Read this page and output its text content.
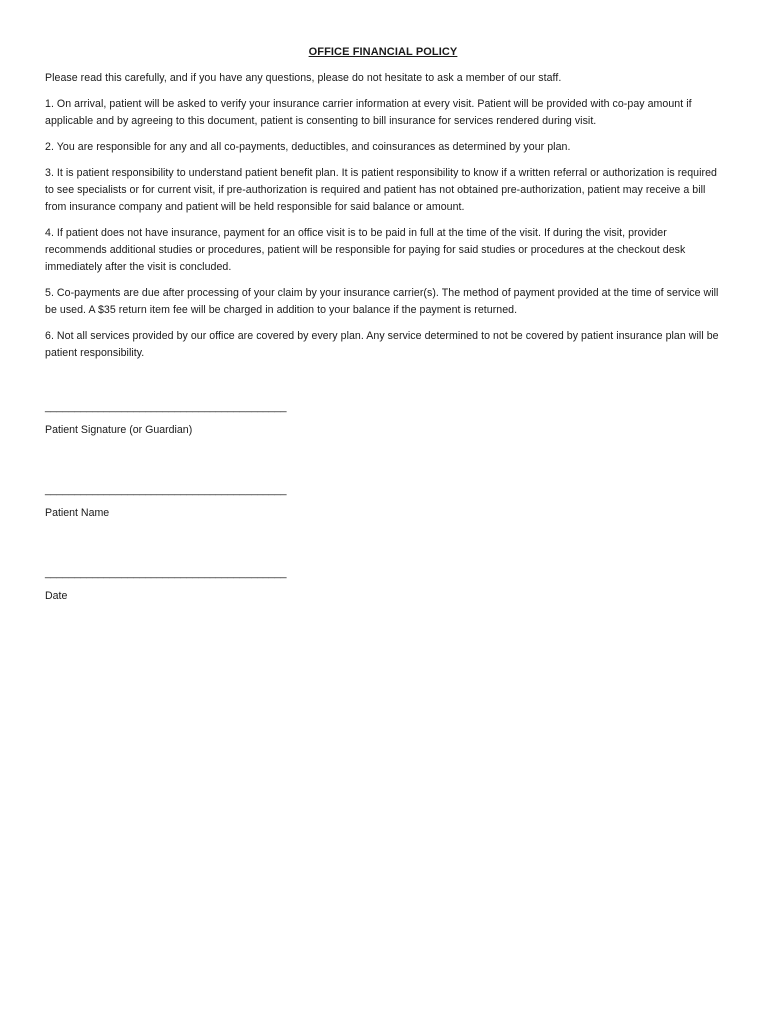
OFFICE FINANCIAL POLICY

Please read this carefully, and if you have any questions, please do not hesitate to ask a member of our staff.

1. On arrival, patient will be asked to verify your insurance carrier information at every visit. Patient will be provided with co-pay amount if applicable and by agreeing to this document, patient is consenting to bill insurance for services rendered during visit.

2. You are responsible for any and all co-payments, deductibles, and coinsurances as determined by your plan.

3. It is patient responsibility to understand patient benefit plan. It is patient responsibility to know if a written referral or authorization is required to see specialists or for current visit, if pre-authorization is required and patient has not obtained pre-authorization, patient may receive a bill from insurance company and patient will be held responsible for said balance or amount.

4. If patient does not have insurance, payment for an office visit is to be paid in full at the time of the visit. If during the visit, provider recommends additional studies or procedures, patient will be responsible for paying for said studies or procedures at the checkout desk immediately after the visit is concluded.

5. Co-payments are due after processing of your claim by your insurance carrier(s). The method of payment provided at the time of service will be used. A $35 return item fee will be charged in addition to your balance if the payment is returned.

6. Not all services provided by our office are covered by every plan. Any service determined to not be covered by patient insurance plan will be patient responsibility.

_________________________________________
Patient Signature (or Guardian)
_________________________________________
Patient Name
_________________________________________
Date
